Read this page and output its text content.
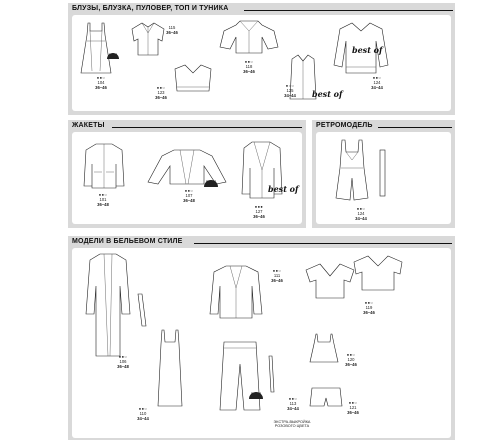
БЛУЗЫ, БЛУЗКА, ПУЛОВЕР, ТОП И ТУНИКА
●●○
104
36–46
115
36–46
●●○
123
36–46
●●○
118
36–46
●○○
125
34–44	best of
best of
●●○
124
34–44
ЖАКЕТЫ
●●○
101
36–48
●●○
107
36–48
best of
●●●
127
36–46
РЕТРОМОДЕЛЬ
●●○
124
34–44
МОДЕЛИ В БЕЛЬЕВОМ СТИЛЕ
●●○
106
36–48
●●○
111
36–46
●●○
119
36–46
●●○
110
34–44
●●○
113
34–44
ЭКСТРА-ВЫКРОЙКА РОЗОВОГО ЦВЕТА
●●○
120
36–46
●●○
121
36–46
